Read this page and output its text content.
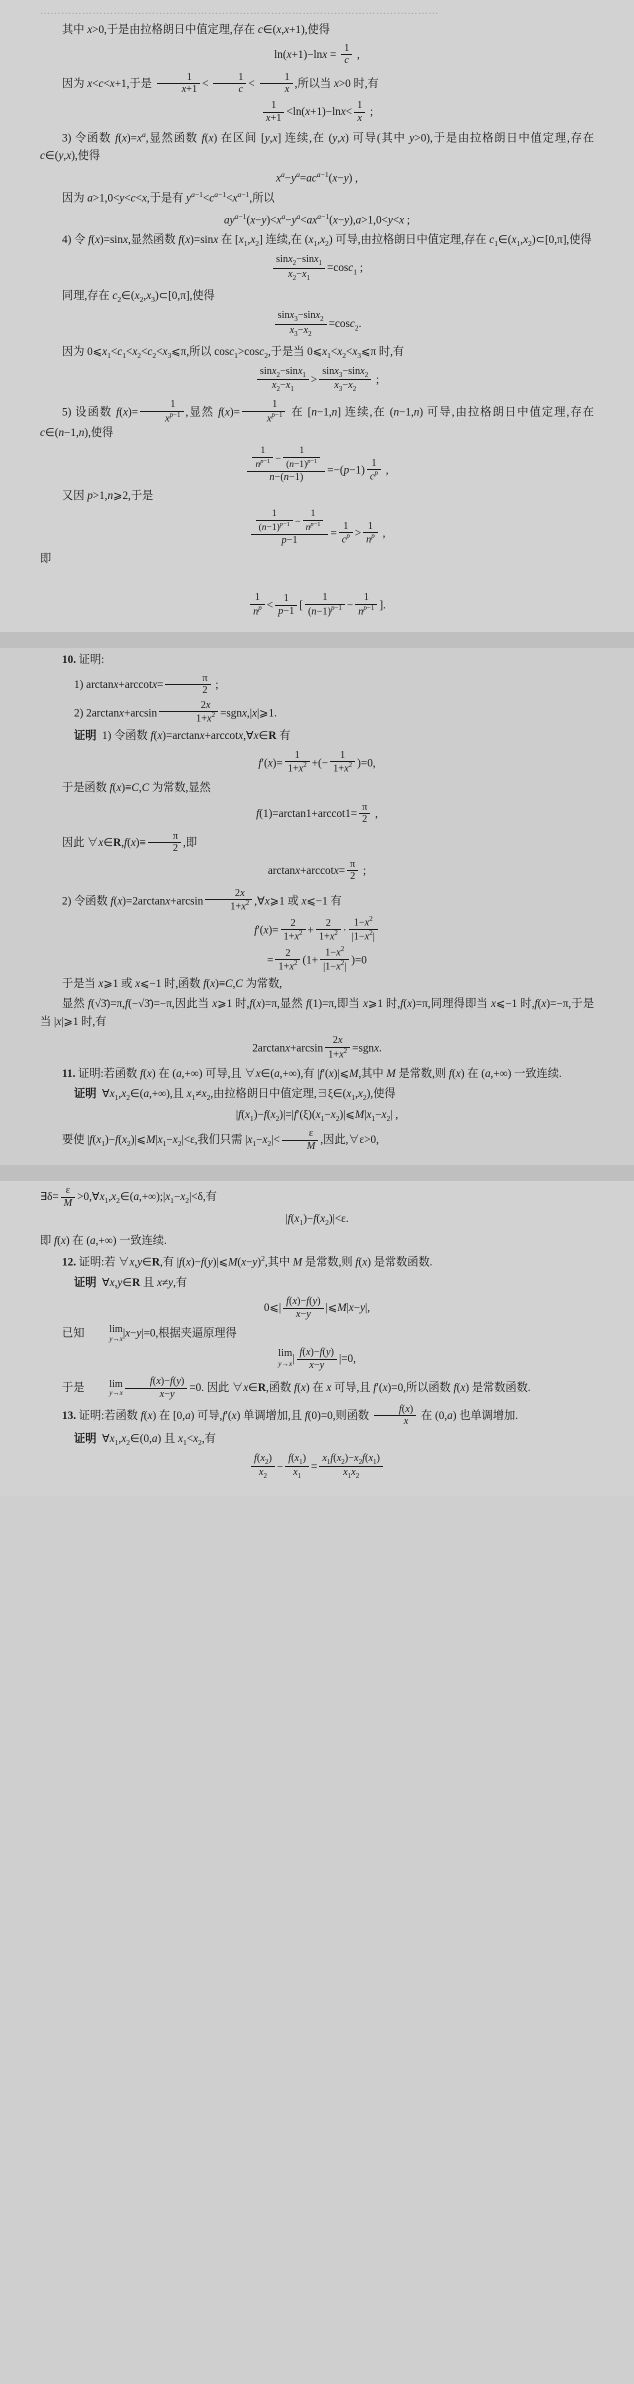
……………………………………………………………………………………………………

其中 x>0,于是由拉格朗日中值定理,存在 c∈(x,x+1),使得

$\ln(x+1)-\ln x = \frac{1}{c}$ ,

因为 x<c<x+1,于是 $\frac{1}{x+1} < \frac{1}{c} < \frac{1}{x}$ ,所以当 x>0 时,有

$\frac{1}{x+1} <\ln(x+1)-\ln x< \frac{1}{x}$ ;

3) 令函数 $f(x)=x^a$,显然函数 f(x) 在区间 [y,x] 连续,在 (y,x) 可导(其中 y>0),于是由拉格朗日中值定理,存在 c∈(y,x),使得

$x^a-y^a=ac^{a-1}(x-y)$ ,

因为 a>1,0<y<c<x,于是有 $y^{a-1}<c^{a-1}<x^{a-1}$,所以

$ay^{a-1}(x-y)<x^a-y^a<ax^{a-1}(x-y),a>1,0<y<x$ ;

4) 令 f(x)=sinx,显然函数 f(x)=sinx 在 $[x_1,x_2]$ 连续,在 $(x_1,x_2)$ 可导,由拉格朗日中值定理,存在 $c_1\in(x_1,x_2)\subset[0,\pi]$,使得

$\frac{\sin x_2-\sin x_1}{x_2-x_1} =\cos c_1$ ;

同理,存在 $c_2\in(x_2,x_3)\subset[0,\pi]$,使得

$\frac{\sin x_3-\sin x_2}{x_3-x_2} =\cos c_2$.

因为 $0⩽x_1<c_1<x_2<c_2<x_3⩽\pi$,所以 cosc$_1$>cosc$_2$,于是当 $0⩽x_1<x_2<x_3⩽\pi$ 时,有

$\frac{\sin x_2-\sin x_1}{x_2-x_1} > \frac{\sin x_3-\sin x_2}{x_3-x_2}$ ;

5) 设函数 $f(x)= \frac{1}{x^{p-1}}$ ,显然 $f(x)= \frac{1}{x^{p-1}}$ 在 [n−1,n] 连续,在 (n−1,n) 可导,由拉格朗日中值定理,存在 c∈(n−1,n),使得

$\frac{\frac{1}{n^{p-1}} - \frac{1}{(n-1)^{p-1}}}{n-(n-1)} =-(p-1) \frac{1}{c^p}$ ,

又因 p>1,n⩾2,于是

$\frac{\frac{1}{(n-1)^{p-1}} - \frac{1}{n^{p-1}}}{p-1} = \frac{1}{c^p} > \frac{1}{n^p}$ ,

即

$\frac{1}{n^p} < \frac{1}{p-1}$ [ $\frac{1}{(n-1)^{p-1}} - \frac{1}{n^{p-1}}$ ].

10. 证明:

1) $\arctan x+arccotx= \frac{\pi}{2}$ ;

2) $2\arctan x+\arcsin \frac{2x}{1+x^2}$ =sgnx,|x|⩾1.

证明  1) 令函数 f(x)=arctanx+arccotx,∀x∈R 有

$f'(x)= \frac{1}{1+x^2}$ +(− $\frac{1}{1+x^2} )=0$,

于是函数 f(x)≡C,C 为常数,显然

$f(1)=\arctan 1+arccot1= \frac{\pi}{2}$ ,

因此 ∀x∈R,f(x)≡ $\frac{\pi}{2}$ ,即

$\arctan x+arccotx= \frac{\pi}{2}$ ;

2) 令函数 $f(x)=2\arctan x+\arcsin \frac{2x}{1+x^2}$ ,∀x⩾1 或 x⩽−1 有

$f'(x)= \frac{2}{1+x^2} + \frac{2}{1+x^2} \cdot \frac{1-x^2}{|1-x^2|}$
= $\frac{2}{1+x^2} (1+ \frac{1-x^2}{|1-x^2|} )=0$

于是当 x⩾1 或 x⩽−1 时,函数 f(x)≡C,C 为常数,

显然 f(√3̄)=π,f(−√3̄)=−π,因此当 x⩾1 时,f(x)=π,显然 f(1)=π,即当 x⩾1 时,f(x)=π,同理得即当 x⩽−1 时,f(x)=−π,于是当 |x|⩾1 时,有

$2\arctan x+\arcsin \frac{2x}{1+x^2}$ =sgnx.

11. 证明:若函数 f(x) 在 (a,+∞) 可导,且 ∀x∈(a,+∞),有 |f′(x)|⩽M,其中 M 是常数,则 f(x) 在 (a,+∞) 一致连续.

证明  $\forall x_1,x_2\in(a,+\infty)$,且 $x_1\ne x_2$,由拉格朗日中值定理$,\exists\xi\in(x_1,x_2)$,使得

$|f(x_1)-f(x_2)|=|f'(\xi)(x_1-x_2)|⩽M|x_1-x_2|$ ,

要使 $|f(x_1)-f(x_2)|⩽M|x_1-x_2|<\varepsilon$,我们只需 $|x_1-x_2|< \frac{\varepsilon}{M}$ ,因此,∀ε>0,

∃δ= $\frac{\varepsilon}{M}$ $>0,\forall x_1,x_2\in(a,+\infty);|x_1-x_2|<\delta$,有

$|f(x_1)-f(x_2)|<\varepsilon$.

即 f(x) 在 (a,+∞) 一致连续.

12. 证明:若 ∀x,y∈R,有 $|f(x)-f(y)|⩽M(x-y)^2$,其中 M 是常数,则 f(x) 是常数函数.

证明  ∀x,y∈R 且 x≠y,有

0⩽| $\frac{f(x)-f(y)}{x-y}$ |⩽M|x−y|,

已知	lim
y→x |x−y|=0,根据夹逼原理得

lim
y→x | $\frac{f(x)-f(y)}{x-y} |=0$,

于是	lim
$y\to x \frac{f(x)-f(y)}{x-y} =0$. 因此 ∀x∈R,函数 f(x) 在 x 可导,且 f′(x)=0,所以函数 f(x) 是常数函数.

13. 证明:若函数 f(x) 在 [0,a) 可导,f′(x) 单调增加,且 f(0)=0,则函数 $\frac{f(x)}{x}$ 在 (0,a) 也单调增加.

证明  $\forall x_1,x_2\in(0,a)$ 且 $x_1<x_2$,有

$\frac{f(x_2)}{x_2} - \frac{f(x_1)}{x_1} = \frac{x_1f(x_2)-x_2f(x_1)}{x_1x_2}$
